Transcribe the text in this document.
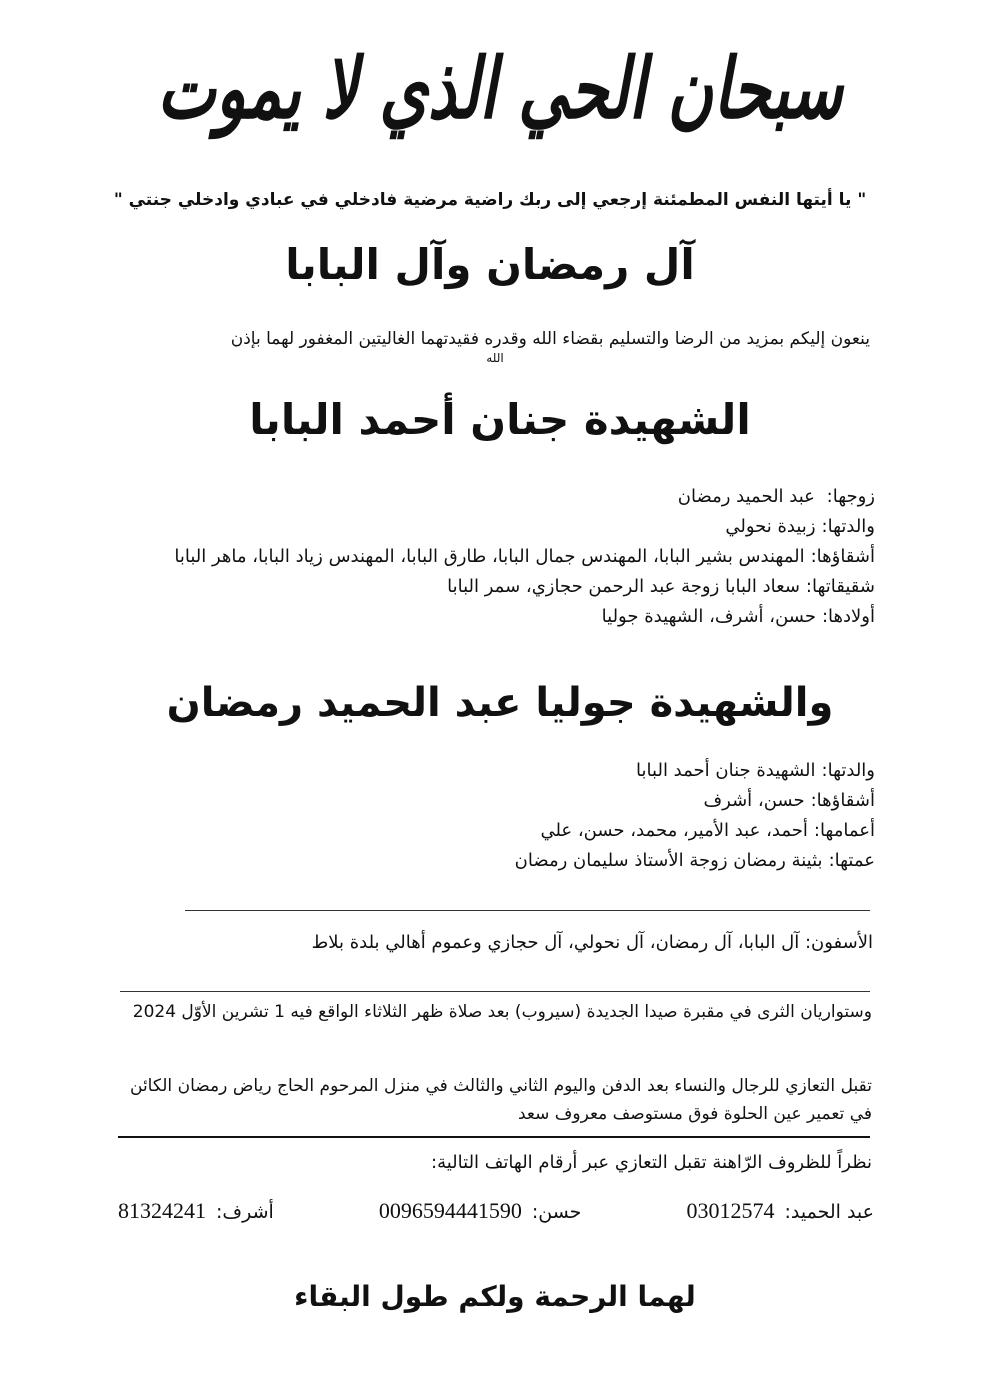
سبحان الحي الذي لا يموت
" يا أيتها النفس المطمئنة إرجعي إلى ربك راضية مرضية فادخلي في عبادي وادخلي جنتي "
آل رمضان وآل البابا
ينعون إليكم بمزيد من الرضا والتسليم بقضاء الله وقدره فقيدتهما الغاليتين المغفور لهما بإذن
الله
الشهيدة جنان أحمد البابا
زوجها: عبد الحميد رمضان
والدتها:زبيدة نحولي
أشقاؤها:المهندس بشير البابا، المهندس جمال البابا، طارق البابا، المهندس زياد البابا، ماهر البابا
شقيقاتها:سعاد البابا زوجة عبد الرحمن حجازي، سمر البابا
أولادها:حسن، أشرف، الشهيدة جوليا
والشهيدة جوليا عبد الحميد رمضان
والدتها:الشهيدة جنان أحمد البابا
أشقاؤها:حسن، أشرف
أعمامها:أحمد، عبد الأمير، محمد، حسن، علي
عمتها:بثينة رمضان زوجة الأستاذ سليمان رمضان
الأسفون: آل البابا، آل رمضان، آل نحولي، آل حجازي وعموم أهالي بلدة بلاط
وستواريان الثرى في مقبرة صيدا الجديدة (سيروب) بعد صلاة ظهر الثلاثاء الواقع فيه 1 تشرين الأوّل 2024
تقبل التعازي للرجال والنساء بعد الدفن واليوم الثاني والثالث في منزل المرحوم الحاج رياض رمضان الكائن في تعمير عين الحلوة فوق مستوصف معروف سعد
نظراً للظروف الرّاهنة تقبل التعازي عبر أرقام الهاتف التالية:
عبد الحميد:03012574
حسن:0096594441590
أشرف:81324241
لهما الرحمة ولكم طول البقاء
